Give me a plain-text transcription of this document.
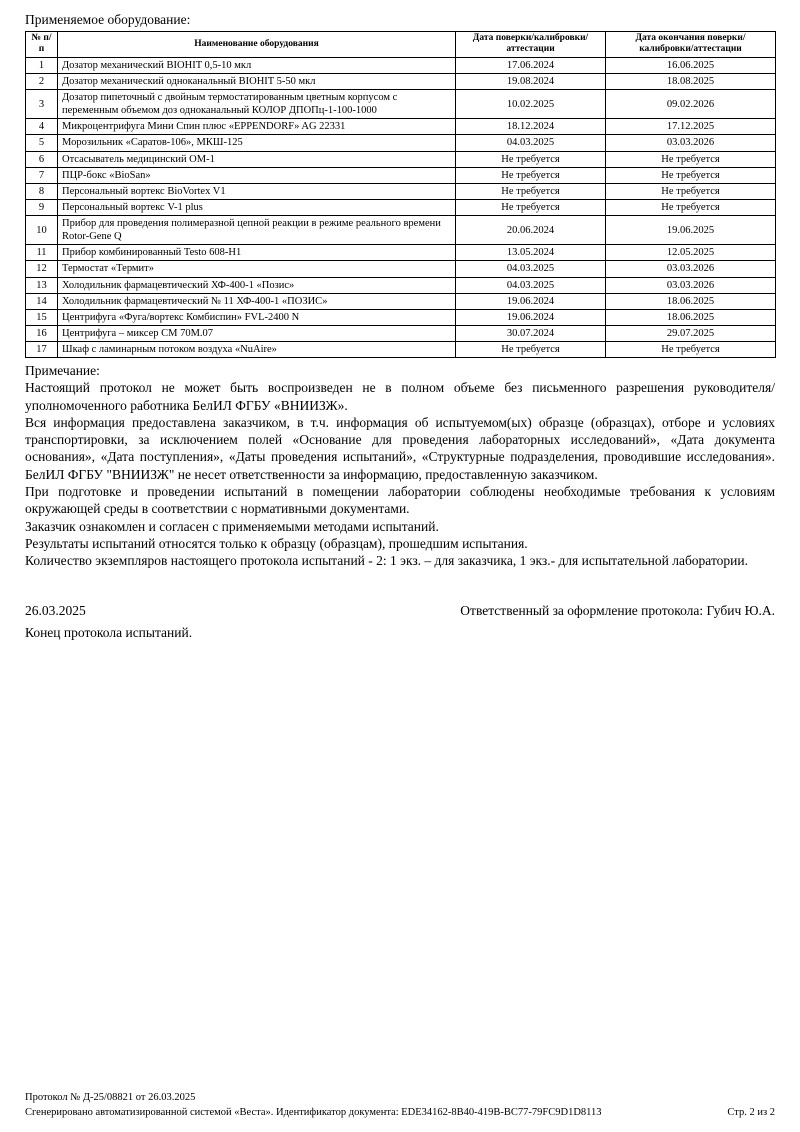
Применяемое оборудование:
№ п/п	Наименование оборудования	Дата поверки/калибровки/аттестации	Дата окончания поверки/калибровки/аттестации
1	Дозатор механический BIOHIT 0,5-10 мкл	17.06.2024	16.06.2025
2	Дозатор механический одноканальный BIOHIT 5-50 мкл	19.08.2024	18.08.2025
3	Дозатор пипеточный с двойным термостатированным цветным корпусом с переменным объемом доз одноканальный КОЛОР ДПОПц-1-100-1000	10.02.2025	09.02.2026
4	Микроцентрифуга Мини Спин плюс «EPPENDORF» AG 22331	18.12.2024	17.12.2025
5	Морозильник «Саратов-106», МКШ-125	04.03.2025	03.03.2026
6	Отсасыватель медицинский ОМ-1	Не требуется	Не требуется
7	ПЦР-бокс «BioSan»	Не требуется	Не требуется
8	Персональный вортекс BioVortex V1	Не требуется	Не требуется
9	Персональный вортекс V-1 plus	Не требуется	Не требуется
10	Прибор для проведения полимеразной цепной реакции в режиме реального времени Rotor-Gene Q	20.06.2024	19.06.2025
11	Прибор комбинированный Testo 608-H1	13.05.2024	12.05.2025
12	Термостат «Термит»	04.03.2025	03.03.2026
13	Холодильник фармацевтический ХФ-400-1 «Позис»	04.03.2025	03.03.2026
14	Холодильник фармацевтический № 11 ХФ-400-1 «ПОЗИС»	19.06.2024	18.06.2025
15	Центрифуга «Фуга/вортекс Комбиспин» FVL-2400 N	19.06.2024	18.06.2025
16	Центрифуга – миксер СМ 70М.07	30.07.2024	29.07.2025
17	Шкаф с ламинарным потоком воздуха «NuAire»	Не требуется	Не требуется
Примечание:

Настоящий протокол не может быть воспроизведен не в полном объеме без письменного разрешения руководителя/уполномоченного работника БелИЛ ФГБУ «ВНИИЗЖ».

Вся информация предоставлена заказчиком, в т.ч. информация об испытуемом(ых) образце (образцах), отборе и условиях транспортировки, за исключением полей «Основание для проведения лабораторных исследований», «Дата документа основания», «Дата поступления», «Даты проведения испытаний», «Структурные подразделения, проводившие исследования». БелИЛ ФГБУ "ВНИИЗЖ" не несет ответственности за информацию, предоставленную заказчиком.

При подготовке и проведении испытаний в помещении лаборатории соблюдены необходимые требования к условиям окружающей среды в соответствии с нормативными документами.

Заказчик ознакомлен и согласен с применяемыми методами испытаний.

Результаты испытаний относятся только к образцу (образцам), прошедшим испытания.

Количество экземпляров настоящего протокола испытаний - 2: 1 экз. – для заказчика, 1 экз.- для испытательной лаборатории.

26.03.2025	Ответственный за оформление протокола: Губич Ю.А.
Конец протокола испытаний.
Протокол № Д-25/08821 от 26.03.2025
Сгенерировано автоматизированной системой «Веста». Идентификатор документа: EDE34162-8B40-419B-BC77-79FC9D1D8113	Стр. 2 из 2
